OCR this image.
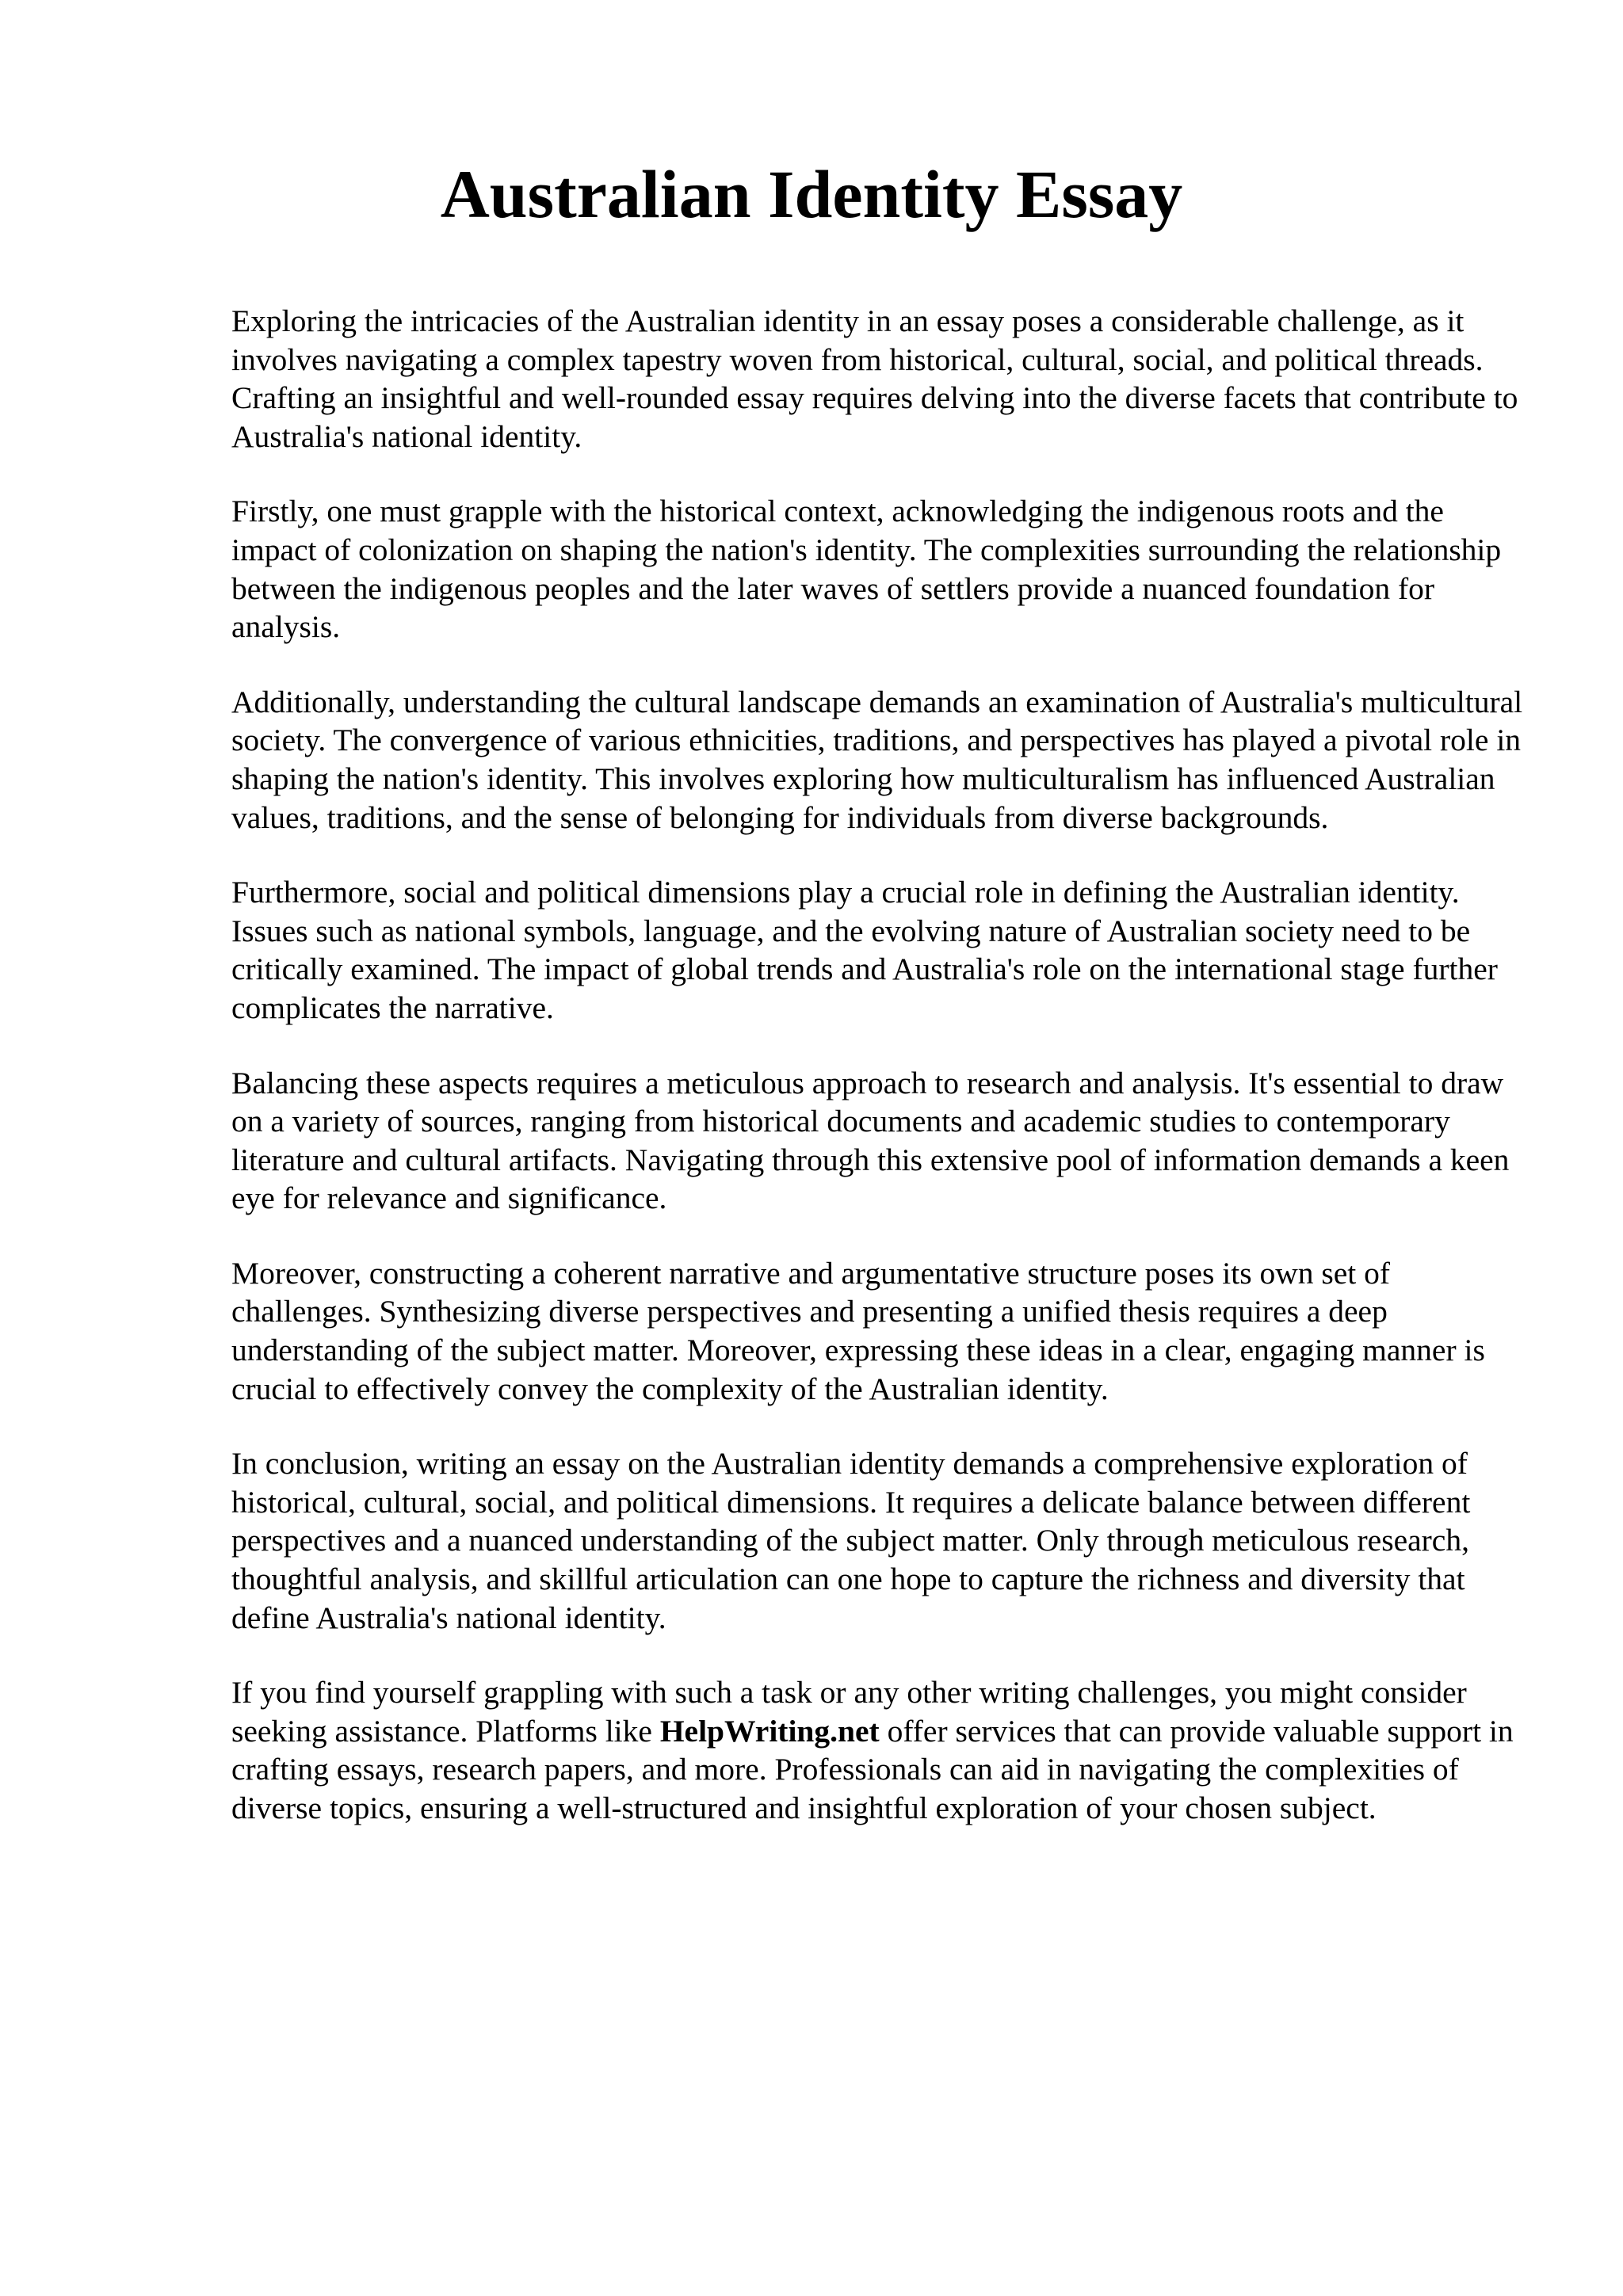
Australian Identity Essay

Exploring the intricacies of the Australian identity in an essay poses a considerable challenge, as it involves navigating a complex tapestry woven from historical, cultural, social, and political threads. Crafting an insightful and well-rounded essay requires delving into the diverse facets that contribute to Australia's national identity.

Firstly, one must grapple with the historical context, acknowledging the indigenous roots and the impact of colonization on shaping the nation's identity. The complexities surrounding the relationship between the indigenous peoples and the later waves of settlers provide a nuanced foundation for analysis.

Additionally, understanding the cultural landscape demands an examination of Australia's multicultural society. The convergence of various ethnicities, traditions, and perspectives has played a pivotal role in shaping the nation's identity. This involves exploring how multiculturalism has influenced Australian values, traditions, and the sense of belonging for individuals from diverse backgrounds.

Furthermore, social and political dimensions play a crucial role in defining the Australian identity. Issues such as national symbols, language, and the evolving nature of Australian society need to be critically examined. The impact of global trends and Australia's role on the international stage further complicates the narrative.

Balancing these aspects requires a meticulous approach to research and analysis. It's essential to draw on a variety of sources, ranging from historical documents and academic studies to contemporary literature and cultural artifacts. Navigating through this extensive pool of information demands a keen eye for relevance and significance.

Moreover, constructing a coherent narrative and argumentative structure poses its own set of challenges. Synthesizing diverse perspectives and presenting a unified thesis requires a deep understanding of the subject matter. Moreover, expressing these ideas in a clear, engaging manner is crucial to effectively convey the complexity of the Australian identity.

In conclusion, writing an essay on the Australian identity demands a comprehensive exploration of historical, cultural, social, and political dimensions. It requires a delicate balance between different perspectives and a nuanced understanding of the subject matter. Only through meticulous research, thoughtful analysis, and skillful articulation can one hope to capture the richness and diversity that define Australia's national identity.

If you find yourself grappling with such a task or any other writing challenges, you might consider seeking assistance. Platforms like HelpWriting.net offer services that can provide valuable support in crafting essays, research papers, and more. Professionals can aid in navigating the complexities of diverse topics, ensuring a well-structured and insightful exploration of your chosen subject.
